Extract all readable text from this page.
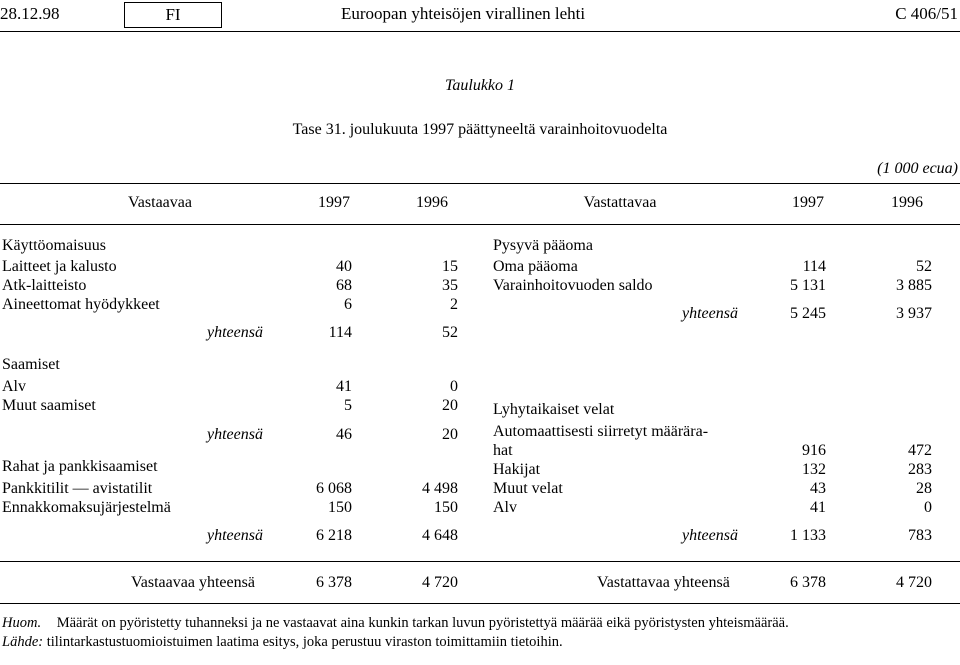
28.12.98	FI	Euroopan yhteisöjen virallinen lehti	C 406/51
Taulukko 1
Tase 31. joulukuuta 1997 päättyneeltä varainhoitovuodelta
(1 000 ecua)
Vastaavaa	1997	1996	Vastattavaa	1997	1996
Käyttöomaisuus
Laitteet ja kalusto	40	15
Atk-laitteisto	68	35
Aineettomat hyödykkeet	6	2
yhteensä	114	52
Saamiset
Alv	41	0
Muut saamiset	5	20
yhteensä	46	20
Rahat ja pankkisaamiset
Pankkitilit — avistatilit	6 068	4 498
Ennakkomaksujärjestelmä	150	150
yhteensä	6 218	4 648
Pysyvä pääoma
Oma pääoma	114	52
Varainhoitovuoden saldo	5 131	3 885
yhteensä	5 245	3 937
Lyhytaikaiset velat
Automaattisesti siirretyt määrära-
hat	916	472
Hakijat	132	283
Muut velat	43	28
Alv	41	0
yhteensä	1 133	783
Vastaavaa yhteensä	6 378	4 720	Vastattavaa yhteensä	6 378	4 720
Huom. Määrät on pyöristetty tuhanneksi ja ne vastaavat aina kunkin tarkan luvun pyöristettyä määrää eikä pyöristysten yhteismäärää.
Lähde: tilintarkastustuomioistuimen laatima esitys, joka perustuu viraston toimittamiin tietoihin.
